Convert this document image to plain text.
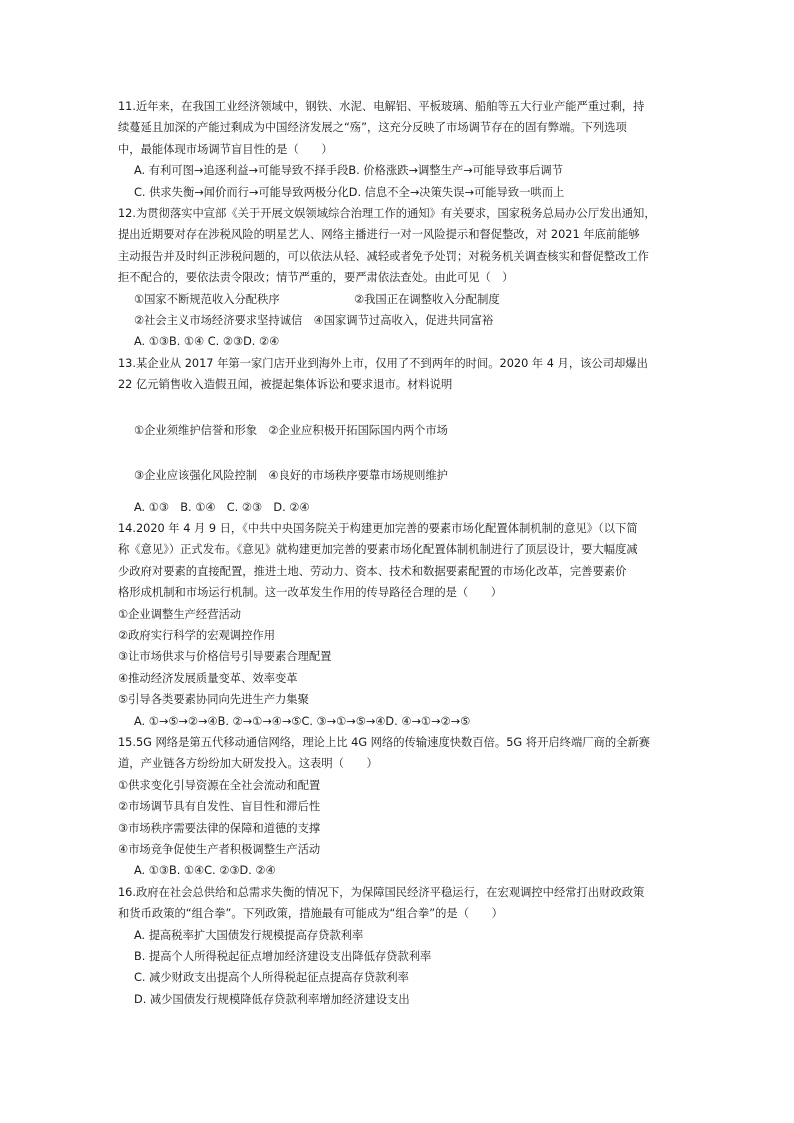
11.近年来，在我国工业经济领域中，钢铁、水泥、电解铝、平板玻璃、船舶等五大行业产能严重过剩，持

续蔓延且加深的产能过剩成为中国经济发展之“殇”，这充分反映了市场调节存在的固有弊端。下列选项

中，最能体现市场调节盲目性的是（　　）

A. 有利可图→追逐利益→可能导致不择手段B. 价格涨跌→调整生产→可能导致事后调节

C. 供求失衡→闻价而行→可能导致两极分化D. 信息不全→决策失误→可能导致一哄而上

12.为贯彻落实中宣部《关于开展文娱领域综合治理工作的通知》有关要求，国家税务总局办公厅发出通知，

提出近期要对存在涉税风险的明星艺人、网络主播进行一对一风险提示和督促整改，对 2021 年底前能够

主动报告并及时纠正涉税问题的，可以依法从轻、减轻或者免予处罚；对税务机关调查核实和督促整改工作

拒不配合的，要依法责令限改；情节严重的，要严肃依法查处。由此可见（　）

①国家不断规范收入分配秩序	②我国正在调整收入分配制度

②社会主义市场经济要求坚持诚信　④国家调节过高收入，促进共同富裕

A. ①③B. ①④ C. ②③D. ②④

13.某企业从 2017 年第一家门店开业到海外上市，仅用了不到两年的时间。2020 年 4 月，该公司却爆出

22 亿元销售收入造假丑闻，被提起集体诉讼和要求退市。材料说明

①企业须维护信誉和形象　②企业应积极开拓国际国内两个市场

③企业应该强化风险控制　④良好的市场秩序要靠市场规则维护

A. ①③　B. ①④　C. ②③　D. ②④

14.2020 年 4 月 9 日，《中共中央国务院关于构建更加完善的要素市场化配置体制机制的意见》（以下简

称《意见》）正式发布。《意见》就构建更加完善的要素市场化配置体制机制进行了顶层设计，要大幅度减

少政府对要素的直接配置，推进土地、劳动力、资本、技术和数据要素配置的市场化改革，完善要素价

格形成机制和市场运行机制。这一改革发生作用的传导路径合理的是（　　）

①企业调整生产经营活动

②政府实行科学的宏观调控作用

③让市场供求与价格信号引导要素合理配置

④推动经济发展质量变革、效率变革

⑤引导各类要素协同向先进生产力集聚

A. ①→⑤→②→④B. ②→①→④→⑤C. ③→①→⑤→④D. ④→①→②→⑤

15.5G 网络是第五代移动通信网络，理论上比 4G 网络的传输速度快数百倍。5G 将开启终端厂商的全新赛

道，产业链各方纷纷加大研发投入。这表明（　　）

①供求变化引导资源在全社会流动和配置

②市场调节具有自发性、盲目性和滞后性

③市场秩序需要法律的保障和道德的支撑

④市场竞争促使生产者积极调整生产活动

A. ①③B. ①④C. ②③D. ②④

16.政府在社会总供给和总需求失衡的情况下，为保障国民经济平稳运行，在宏观调控中经常打出财政政策

和货币政策的“组合拳”。下列政策，措施最有可能成为“组合拳”的是（　　）

A. 提高税率扩大国债发行规模提高存贷款利率

B. 提高个人所得税起征点增加经济建设支出降低存贷款利率

C. 减少财政支出提高个人所得税起征点提高存贷款利率

D. 减少国债发行规模降低存贷款利率增加经济建设支出
